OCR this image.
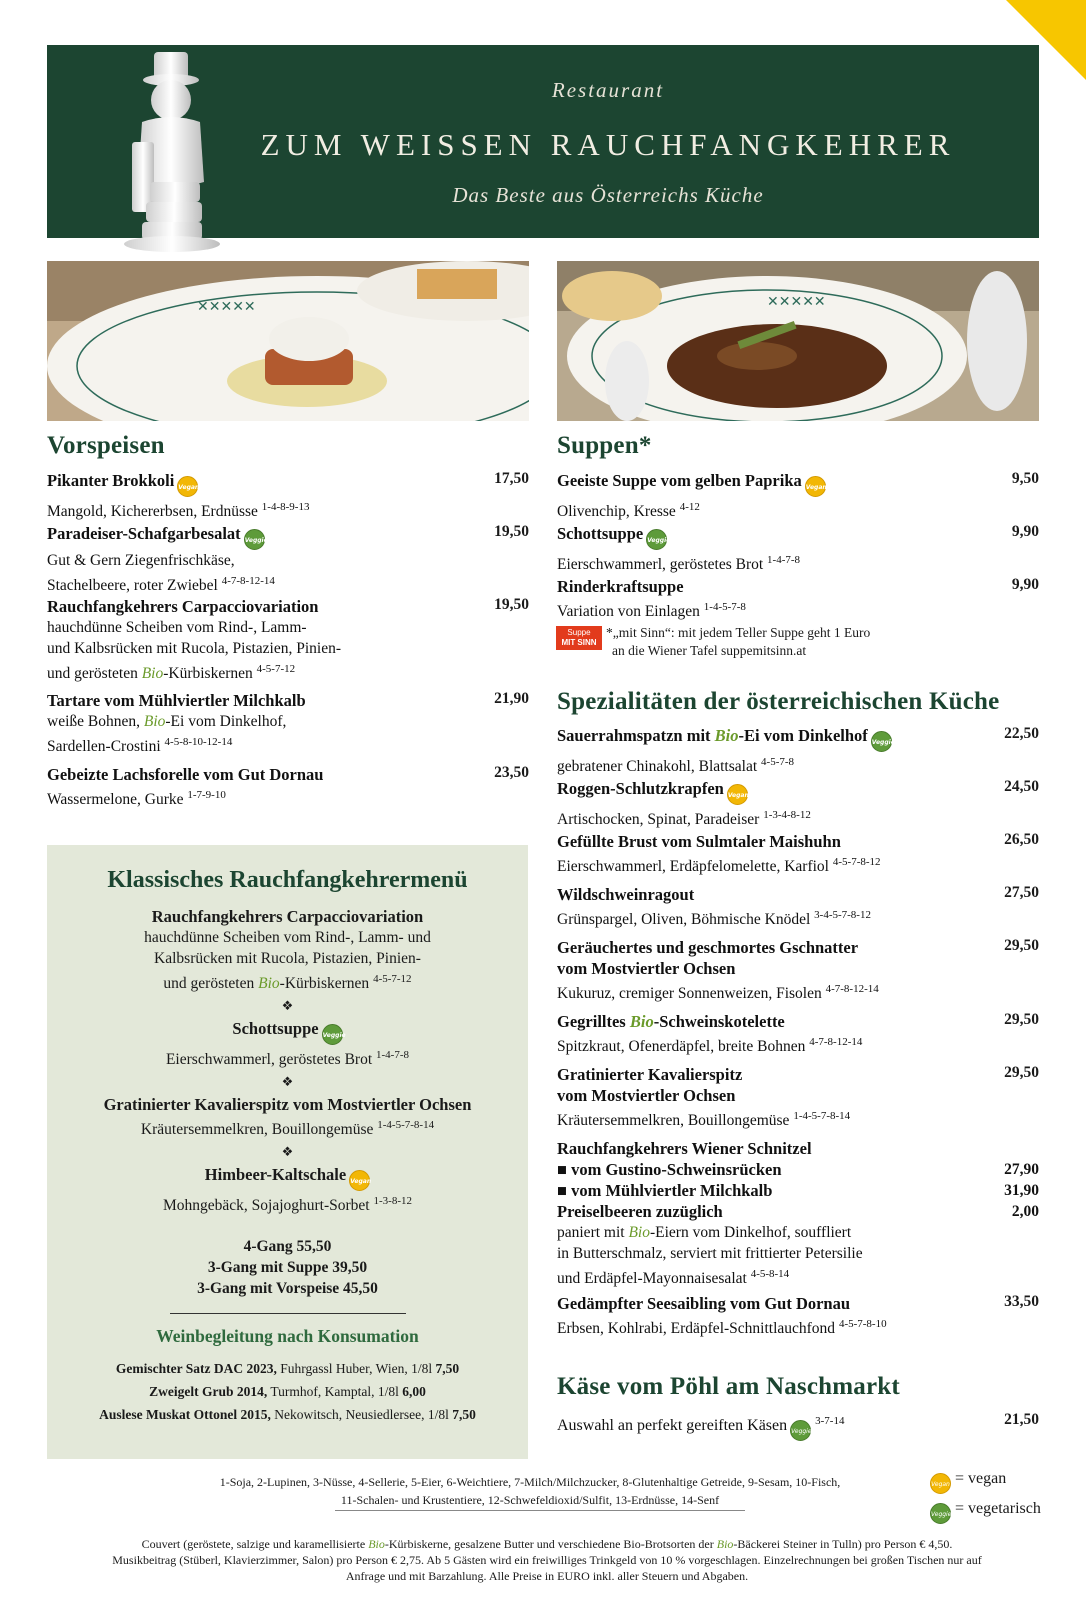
Restaurant
ZUM WEISSEN RAUCHFANGKEHRER
Das Beste aus Österreichs Küche
✕✕✕✕✕	✕✕✕✕✕
Vorspeisen
Pikanter Brokkoli Vegan
Mangold, Kichererbsen, Erdnüsse $^{1-4-8-9-13}$
17,50
Paradeiser-Schafgarbesalat Veggie
Gut & Gern Ziegenfrischkäse,
Stachelbeere, roter Zwiebel $^{4-7-8-12-14}$
19,50
Rauchfangkehrers Carpacciovariation
hauchdünne Scheiben vom Rind-, Lamm-
und Kalbsrücken mit Rucola, Pistazien, Pinien-
und gerösteten Bio-Kürbiskernen $^{4-5-7-12}$
19,50
Tartare vom Mühlviertler Milchkalb
weiße Bohnen, Bio-Ei vom Dinkelhof,
Sardellen-Crostini $^{4-5-8-10-12-14}$
21,90
Gebeizte Lachsforelle vom Gut Dornau
Wassermelone, Gurke $^{1-7-9-10}$
23,50
Klassisches Rauchfangkehrermenü
Rauchfangkehrers Carpacciovariation
hauchdünne Scheiben vom Rind-, Lamm- und
Kalbsrücken mit Rucola, Pistazien, Pinien-
und gerösteten Bio-Kürbiskernen $^{4-5-7-12}$
❖
Schottsuppe Veggie
Eierschwammerl, geröstetes Brot $^{1-4-7-8}$
❖
Gratinierter Kavalierspitz vom Mostviertler Ochsen
Kräutersemmelkren, Bouillongemüse $^{1-4-5-7-8-14}$
❖
Himbeer-Kaltschale Vegan
Mohngebäck, Sojajoghurt-Sorbet $^{1-3-8-12}$
4-Gang 55,50
3-Gang mit Suppe 39,50
3-Gang mit Vorspeise 45,50
Weinbegleitung nach Konsumation
Gemischter Satz DAC 2023, Fuhrgassl Huber, Wien, 1/8l 7,50
Zweigelt Grub 2014, Turmhof, Kamptal, 1/8l 6,00
Auslese Muskat Ottonel 2015, Nekowitsch, Neusiedlersee, 1/8l 7,50
Suppen*
Geeiste Suppe vom gelben Paprika Vegan
Olivenchip, Kresse $^{4-12}$
9,50
Schottsuppe Veggie
Eierschwammerl, geröstetes Brot $^{1-4-7-8}$
9,90
Rinderkraftsuppe
Variation von Einlagen $^{1-4-5-7-8}$
9,90
Suppe
MIT SINN
*„mit Sinn“: mit jedem Teller Suppe geht 1 Euro
an die Wiener Tafel suppemitsinn.at
Spezialitäten der österreichischen Küche
Sauerrahmspatzn mit Bio-Ei vom Dinkelhof Veggie
gebratener Chinakohl, Blattsalat $^{4-5-7-8}$
22,50
Roggen-Schlutzkrapfen Vegan
Artischocken, Spinat, Paradeiser $^{1-3-4-8-12}$
24,50
Gefüllte Brust vom Sulmtaler Maishuhn
Eierschwammerl, Erdäpfelomelette, Karfiol $^{4-5-7-8-12}$
26,50
Wildschweinragout
Grünspargel, Oliven, Böhmische Knödel $^{3-4-5-7-8-12}$
27,50
Geräuchertes und geschmortes Gschnatter
vom Mostviertler Ochsen
Kukuruz, cremiger Sonnenweizen, Fisolen $^{4-7-8-12-14}$
29,50
Gegrilltes Bio-Schweinskotelette
Spitzkraut, Ofenerdäpfel, breite Bohnen $^{4-7-8-12-14}$
29,50
Gratinierter Kavalierspitz
vom Mostviertler Ochsen
Kräutersemmelkren, Bouillongemüse $^{1-4-5-7-8-14}$
29,50
Rauchfangkehrers Wiener Schnitzel
■ vom Gustino-Schweinsrücken	27,90
■ vom Mühlviertler Milchkalb	31,90
Preiselbeeren zuzüglich	2,00
paniert mit Bio-Eiern vom Dinkelhof, souffliert
in Butterschmalz, serviert mit frittierter Petersilie
und Erdäpfel-Mayonnaisesalat $^{4-5-8-14}$
Gedämpfter Seesaibling vom Gut Dornau
Erbsen, Kohlrabi, Erdäpfel-Schnittlauchfond $^{4-5-7-8-10}$
33,50
Käse vom Pöhl am Naschmarkt
Auswahl an perfekt gereiften Käsen Veggie $^{3-7-14}$	21,50
Vegan = vegan
Veggie = vegetarisch
1-Soja, 2-Lupinen, 3-Nüsse, 4-Sellerie, 5-Eier, 6-Weichtiere, 7-Milch/Milchzucker, 8-Glutenhaltige Getreide, 9-Sesam, 10-Fisch,
11-Schalen- und Krustentiere, 12-Schwefeldioxid/Sulfit, 13-Erdnüsse, 14-Senf
Couvert (geröstete, salzige und karamellisierte Bio-Kürbiskerne, gesalzene Butter und verschiedene Bio-Brotsorten der Bio-Bäckerei Steiner in Tulln) pro Person € 4,50.
Musikbeitrag (Stüberl, Klavierzimmer, Salon) pro Person € 2,75. Ab 5 Gästen wird ein freiwilliges Trinkgeld von 10 % vorgeschlagen. Einzelrechnungen bei großen Tischen nur auf
Anfrage und mit Barzahlung. Alle Preise in EURO inkl. aller Steuern und Abgaben.
